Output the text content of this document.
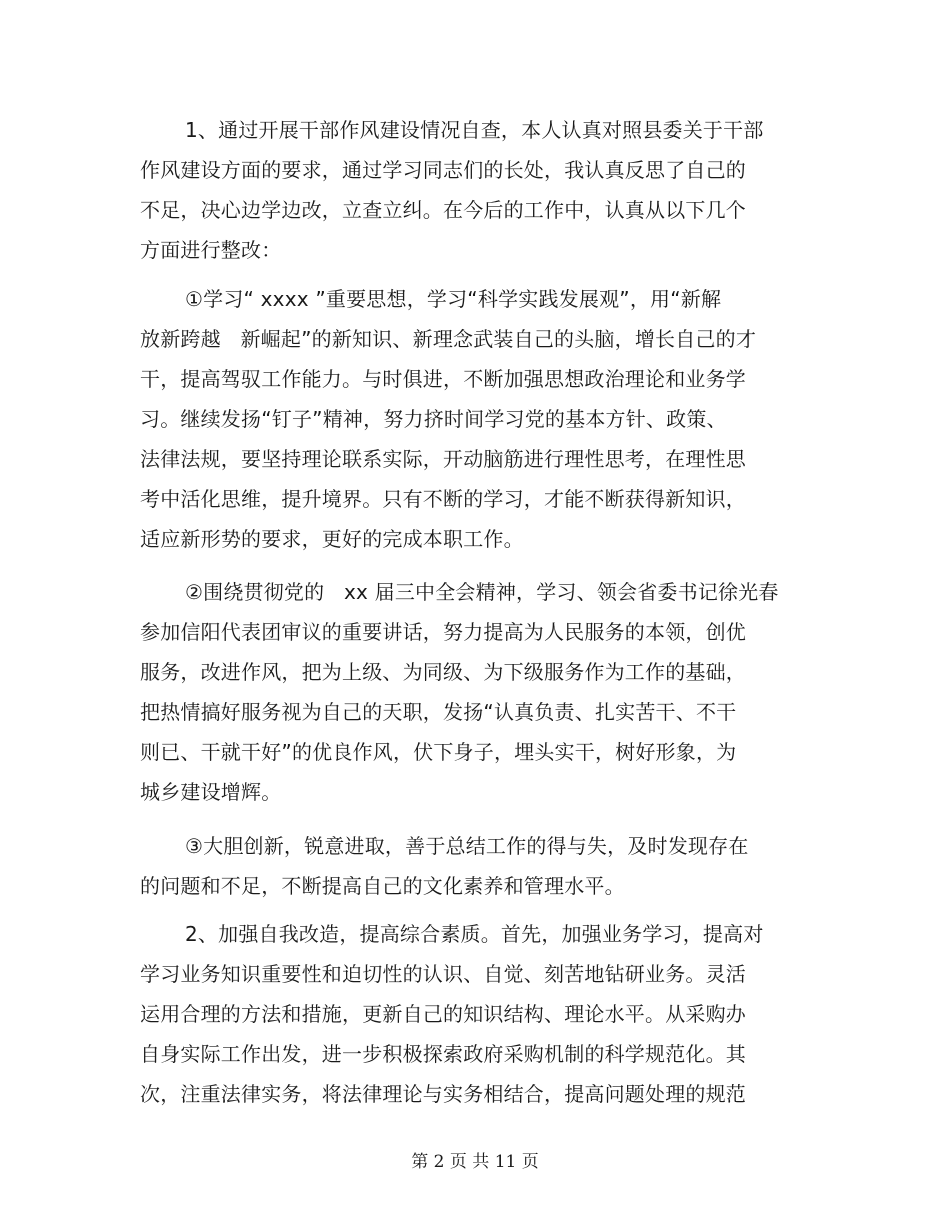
1、通过开展干部作风建设情况自查，本人认真对照县委关于干部
作风建设方面的要求，通过学习同志们的长处，我认真反思了自己的
不足，决心边学边改，立查立纠。在今后的工作中，认真从以下几个
方面进行整改：
①学习“ xxxx ”重要思想，学习“科学实践发展观”，用“新解
放新跨越   新崛起”的新知识、新理念武装自己的头脑，增长自己的才
干，提高驾驭工作能力。与时俱进，不断加强思想政治理论和业务学
习。继续发扬“钉子”精神，努力挤时间学习党的基本方针、政策、
法律法规，要坚持理论联系实际，开动脑筋进行理性思考，在理性思
考中活化思维，提升境界。只有不断的学习，才能不断获得新知识，
适应新形势的要求，更好的完成本职工作。
②围绕贯彻党的   xx 届三中全会精神，学习、领会省委书记徐光春
参加信阳代表团审议的重要讲话，努力提高为人民服务的本领，创优
服务，改进作风，把为上级、为同级、为下级服务作为工作的基础，
把热情搞好服务视为自己的天职，发扬“认真负责、扎实苦干、不干
则已、干就干好”的优良作风，伏下身子，埋头实干，树好形象，为
城乡建设增辉。
③大胆创新，锐意进取，善于总结工作的得与失，及时发现存在
的问题和不足，不断提高自己的文化素养和管理水平。
2、加强自我改造，提高综合素质。首先，加强业务学习，提高对
学习业务知识重要性和迫切性的认识、自觉、刻苦地钻研业务。灵活
运用合理的方法和措施，更新自己的知识结构、理论水平。从采购办
自身实际工作出发，进一步积极探索政府采购机制的科学规范化。其
次，注重法律实务，将法律理论与实务相结合，提高问题处理的规范
第 2 页 共 11 页
